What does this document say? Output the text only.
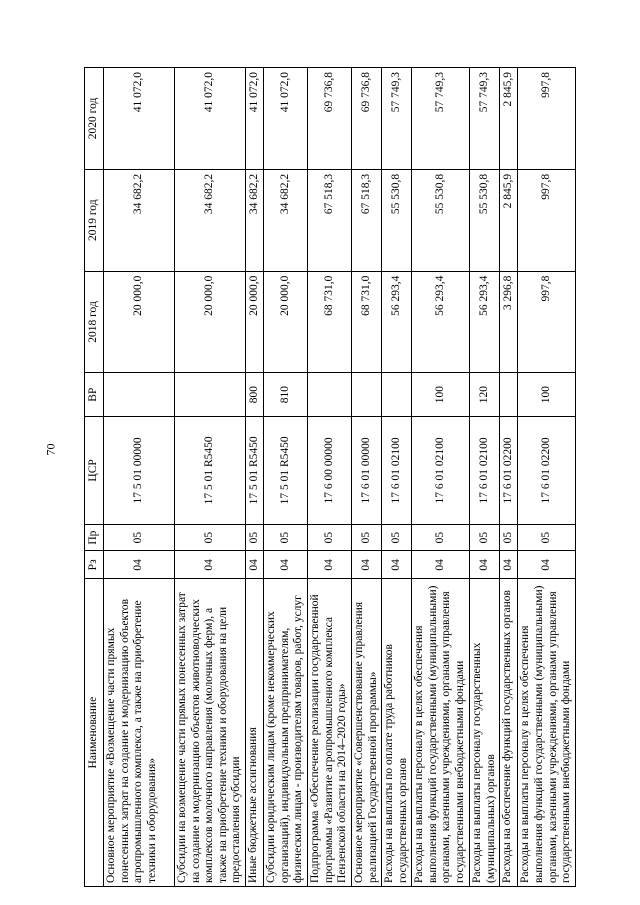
70
Наименование	Рз	Пр	ЦСР	ВР	2018 год	2019 год	2020 год
Основное мероприятие «Возмещение части прямых понесенных затрат на создание и модернизацию объектов агропромышленного комплекса, а также на приобретение техники и оборудования»	04	05	17 5 01 00000		20 000,0	34 682,2	41 072,0
Субсидии на возмещение части прямых понесенных затрат на создание и модернизацию объектов животноводческих комплексов молочного направления (молочных ферм), а также на приобретение техники и оборудования на цели предоставления субсидии	04	05	17 5 01 R5450		20 000,0	34 682,2	41 072,0
Иные бюджетные ассигнования	04	05	17 5 01 R5450	800	20 000,0	34 682,2	41 072,0
Субсидии юридическим лицам (кроме некоммерческих организаций), индивидуальным предпринимателям, физическим лицам - производителям товаров, работ, услуг	04	05	17 5 01 R5450	810	20 000,0	34 682,2	41 072,0
Подпрограмма «Обеспечение реализации государственной программы «Развитие агропромышленного комплекса Пензенской области на 2014–2020 годы»	04	05	17 6 00 00000		68 731,0	67 518,3	69 736,8
Основное мероприятие «Совершенствование управления реализацией Государственной программы»	04	05	17 6 01 00000		68 731,0	67 518,3	69 736,8
Расходы на выплаты по оплате труда работников государственных органов	04	05	17 6 01 02100		56 293,4	55 530,8	57 749,3
Расходы на выплаты персоналу в целях обеспечения выполнения функций государственными (муниципальными) органами, казенными учреждениями, органами управления государственными внебюджетными фондами	04	05	17 6 01 02100	100	56 293,4	55 530,8	57 749,3
Расходы на выплаты персоналу государственных (муниципальных) органов	04	05	17 6 01 02100	120	56 293,4	55 530,8	57 749,3
Расходы на обеспечение функций государственных органов	04	05	17 6 01 02200		3 296,8	2 845,9	2 845,9
Расходы на выплаты персоналу в целях обеспечения выполнения функций государственными (муниципальными) органами, казенными учреждениями, органами управления государственными внебюджетными фондами	04	05	17 6 01 02200	100	997,8	997,8	997,8
